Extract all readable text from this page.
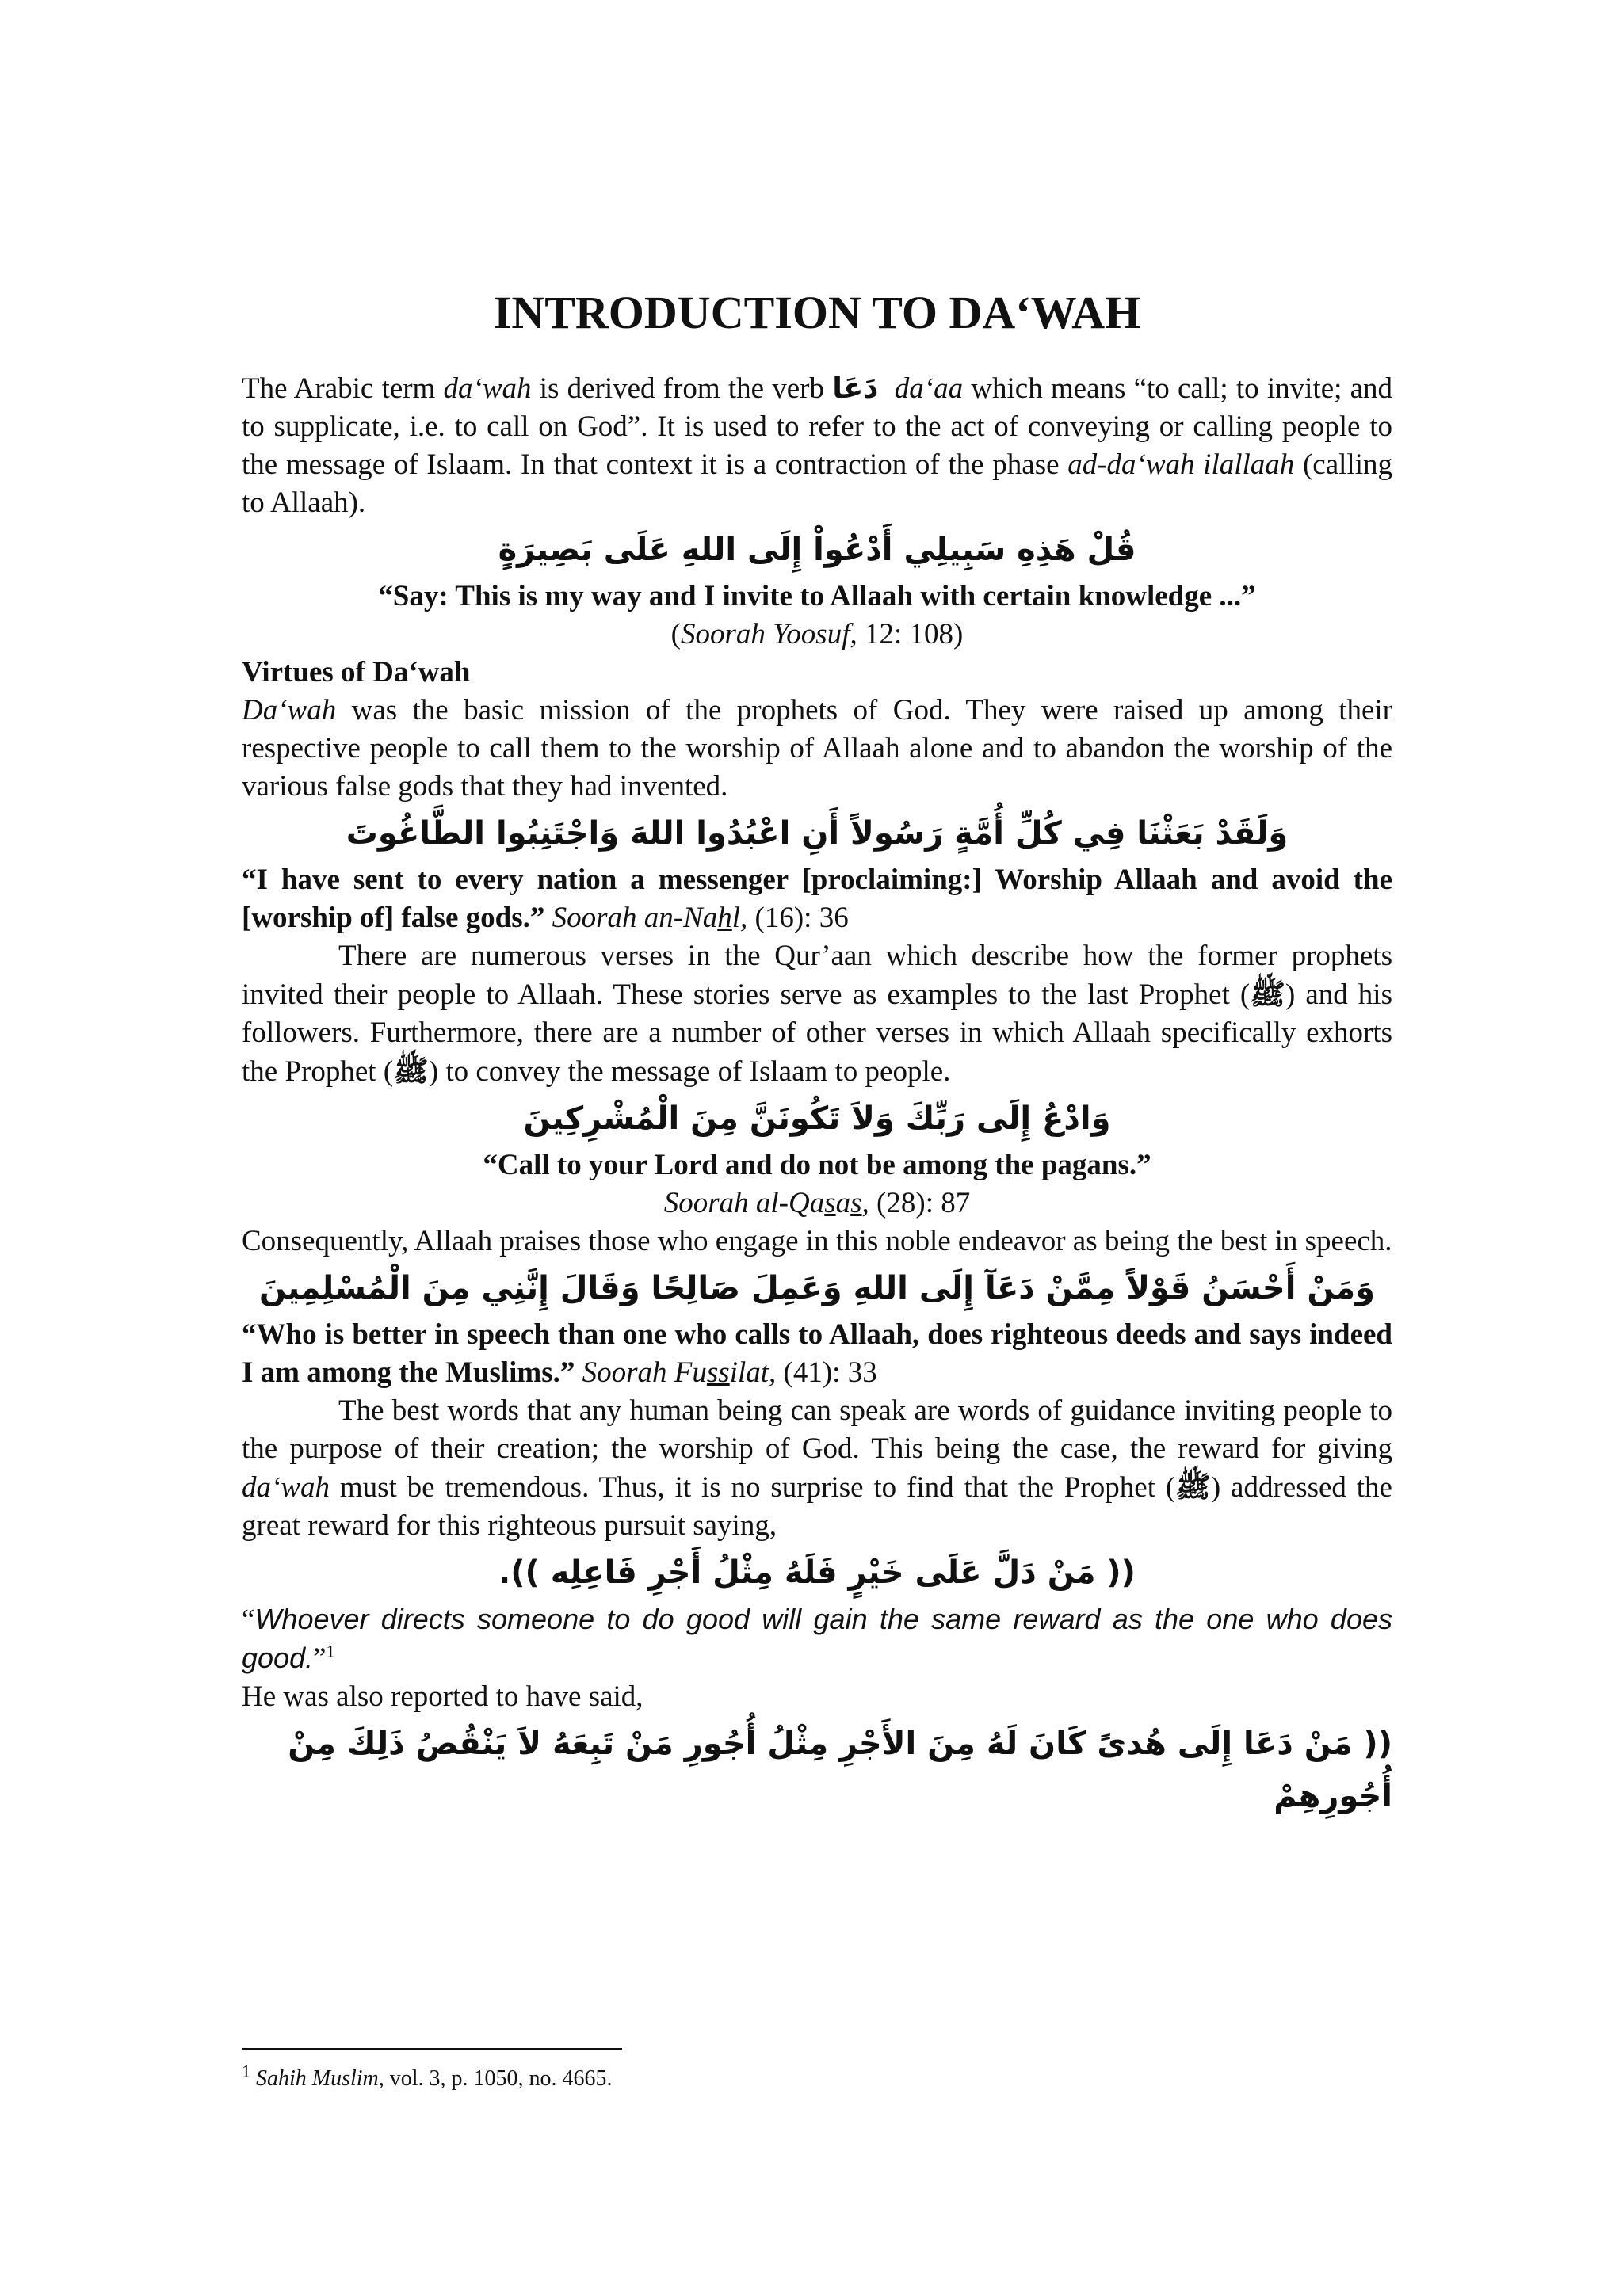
INTRODUCTION TO DA‘WAH

The Arabic term da‘wah is derived from the verb دَعَا da‘aa which means “to call; to invite; and to supplicate, i.e. to call on God”. It is used to refer to the act of conveying or calling people to the message of Islaam. In that context it is a contraction of the phase ad-da‘wah ilallaah (calling to Allaah).

قُلْ هَذِهِ سَبِيلِي أَدْعُواْ إِلَى اللهِ عَلَى بَصِيرَةٍ
“Say: This is my way and I invite to Allaah with certain knowledge ...”
(Soorah Yoosuf, 12: 108)
Virtues of Da‘wah

Da‘wah was the basic mission of the prophets of God. They were raised up among their respective people to call them to the worship of Allaah alone and to abandon the worship of the various false gods that they had invented.

وَلَقَدْ بَعَثْنَا فِي كُلِّ أُمَّةٍ رَسُولاً أَنِ اعْبُدُوا اللهَ وَاجْتَنِبُوا الطَّاغُوتَ

“I have sent to every nation a messenger [proclaiming:] Worship Allaah and avoid the [worship of] false gods.” Soorah an-Nahl, (16): 36

There are numerous verses in the Qur’aan which describe how the former prophets invited their people to Allaah. These stories serve as examples to the last Prophet (ﷺ) and his followers. Furthermore, there are a number of other verses in which Allaah specifically exhorts the Prophet (ﷺ) to convey the message of Islaam to people.

وَادْعُ إِلَى رَبِّكَ وَلاَ تَكُونَنَّ مِنَ الْمُشْرِكِينَ
“Call to your Lord and do not be among the pagans.”
Soorah al-Qasas, (28): 87

Consequently, Allaah praises those who engage in this noble endeavor as being the best in speech.

وَمَنْ أَحْسَنُ قَوْلاً مِمَّنْ دَعَآ إِلَى اللهِ وَعَمِلَ صَالِحًا وَقَالَ إِنَّنِي مِنَ الْمُسْلِمِينَ

“Who is better in speech than one who calls to Allaah, does righteous deeds and says indeed I am among the Muslims.” Soorah Fussilat, (41): 33

The best words that any human being can speak are words of guidance inviting people to the purpose of their creation; the worship of God. This being the case, the reward for giving da‘wah must be tremendous. Thus, it is no surprise to find that the Prophet (ﷺ) addressed the great reward for this righteous pursuit saying,

(( مَنْ دَلَّ عَلَى خَيْرٍ فَلَهُ مِثْلُ أَجْرِ فَاعِلِه )).

“Whoever directs someone to do good will gain the same reward as the one who does good.”$^1$

He was also reported to have said,

(( مَنْ دَعَا إِلَى هُدىً كَانَ لَهُ مِنَ الأَجْرِ مِثْلُ أُجُورِ مَنْ تَبِعَهُ لاَ يَنْقُصُ ذَلِكَ مِنْ أُجُورِهِمْ
$^1$ Sahih Muslim, vol. 3, p. 1050, no. 4665.
